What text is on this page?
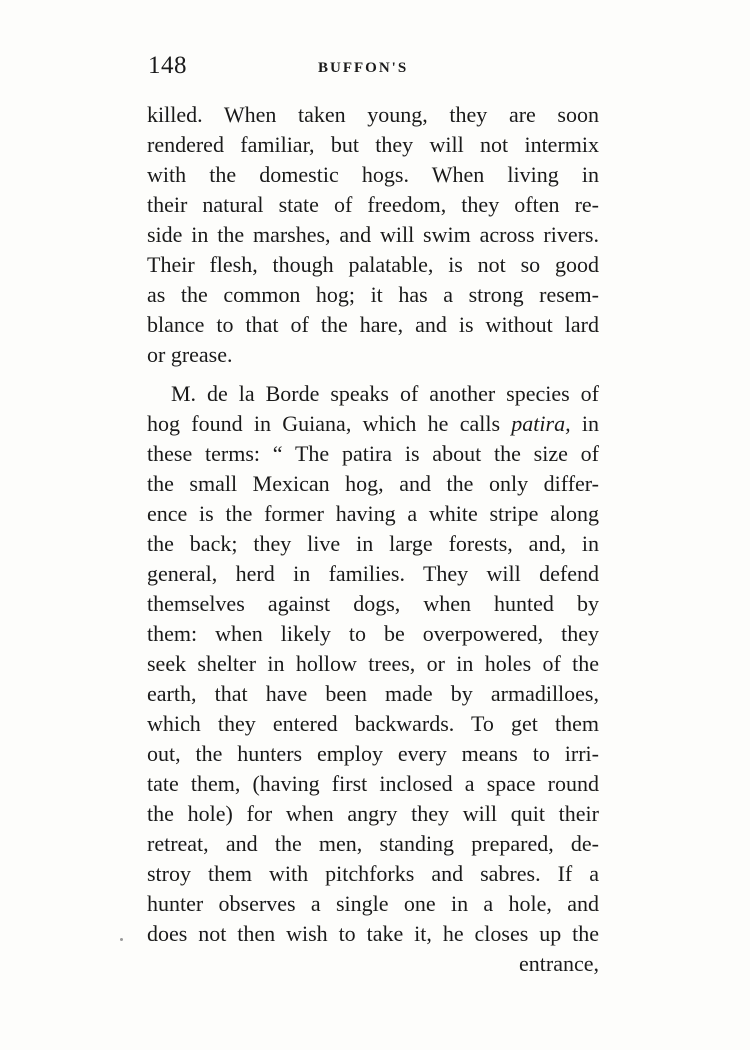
148	BUFFON'S
killed. When taken young, they are soon
rendered familiar, but they will not intermix
with the domestic hogs. When living in
their natural state of freedom, they often re-
side in the marshes, and will swim across rivers.
Their flesh, though palatable, is not so good
as the common hog; it has a strong resem-
blance to that of the hare, and is without lard
or grease.
M. de la Borde speaks of another species of
hog found in Guiana, which he calls patira, in
these terms: “ The patira is about the size of
the small Mexican hog, and the only differ-
ence is the former having a white stripe along
the back; they live in large forests, and, in
general, herd in families. They will defend
themselves against dogs, when hunted by
them: when likely to be overpowered, they
seek shelter in hollow trees, or in holes of the
earth, that have been made by armadilloes,
which they entered backwards. To get them
out, the hunters employ every means to irri-
tate them, (having first inclosed a space round
the hole) for when angry they will quit their
retreat, and the men, standing prepared, de-
stroy them with pitchforks and sabres. If a
hunter observes a single one in a hole, and
does not then wish to take it, he closes up the
entrance,
